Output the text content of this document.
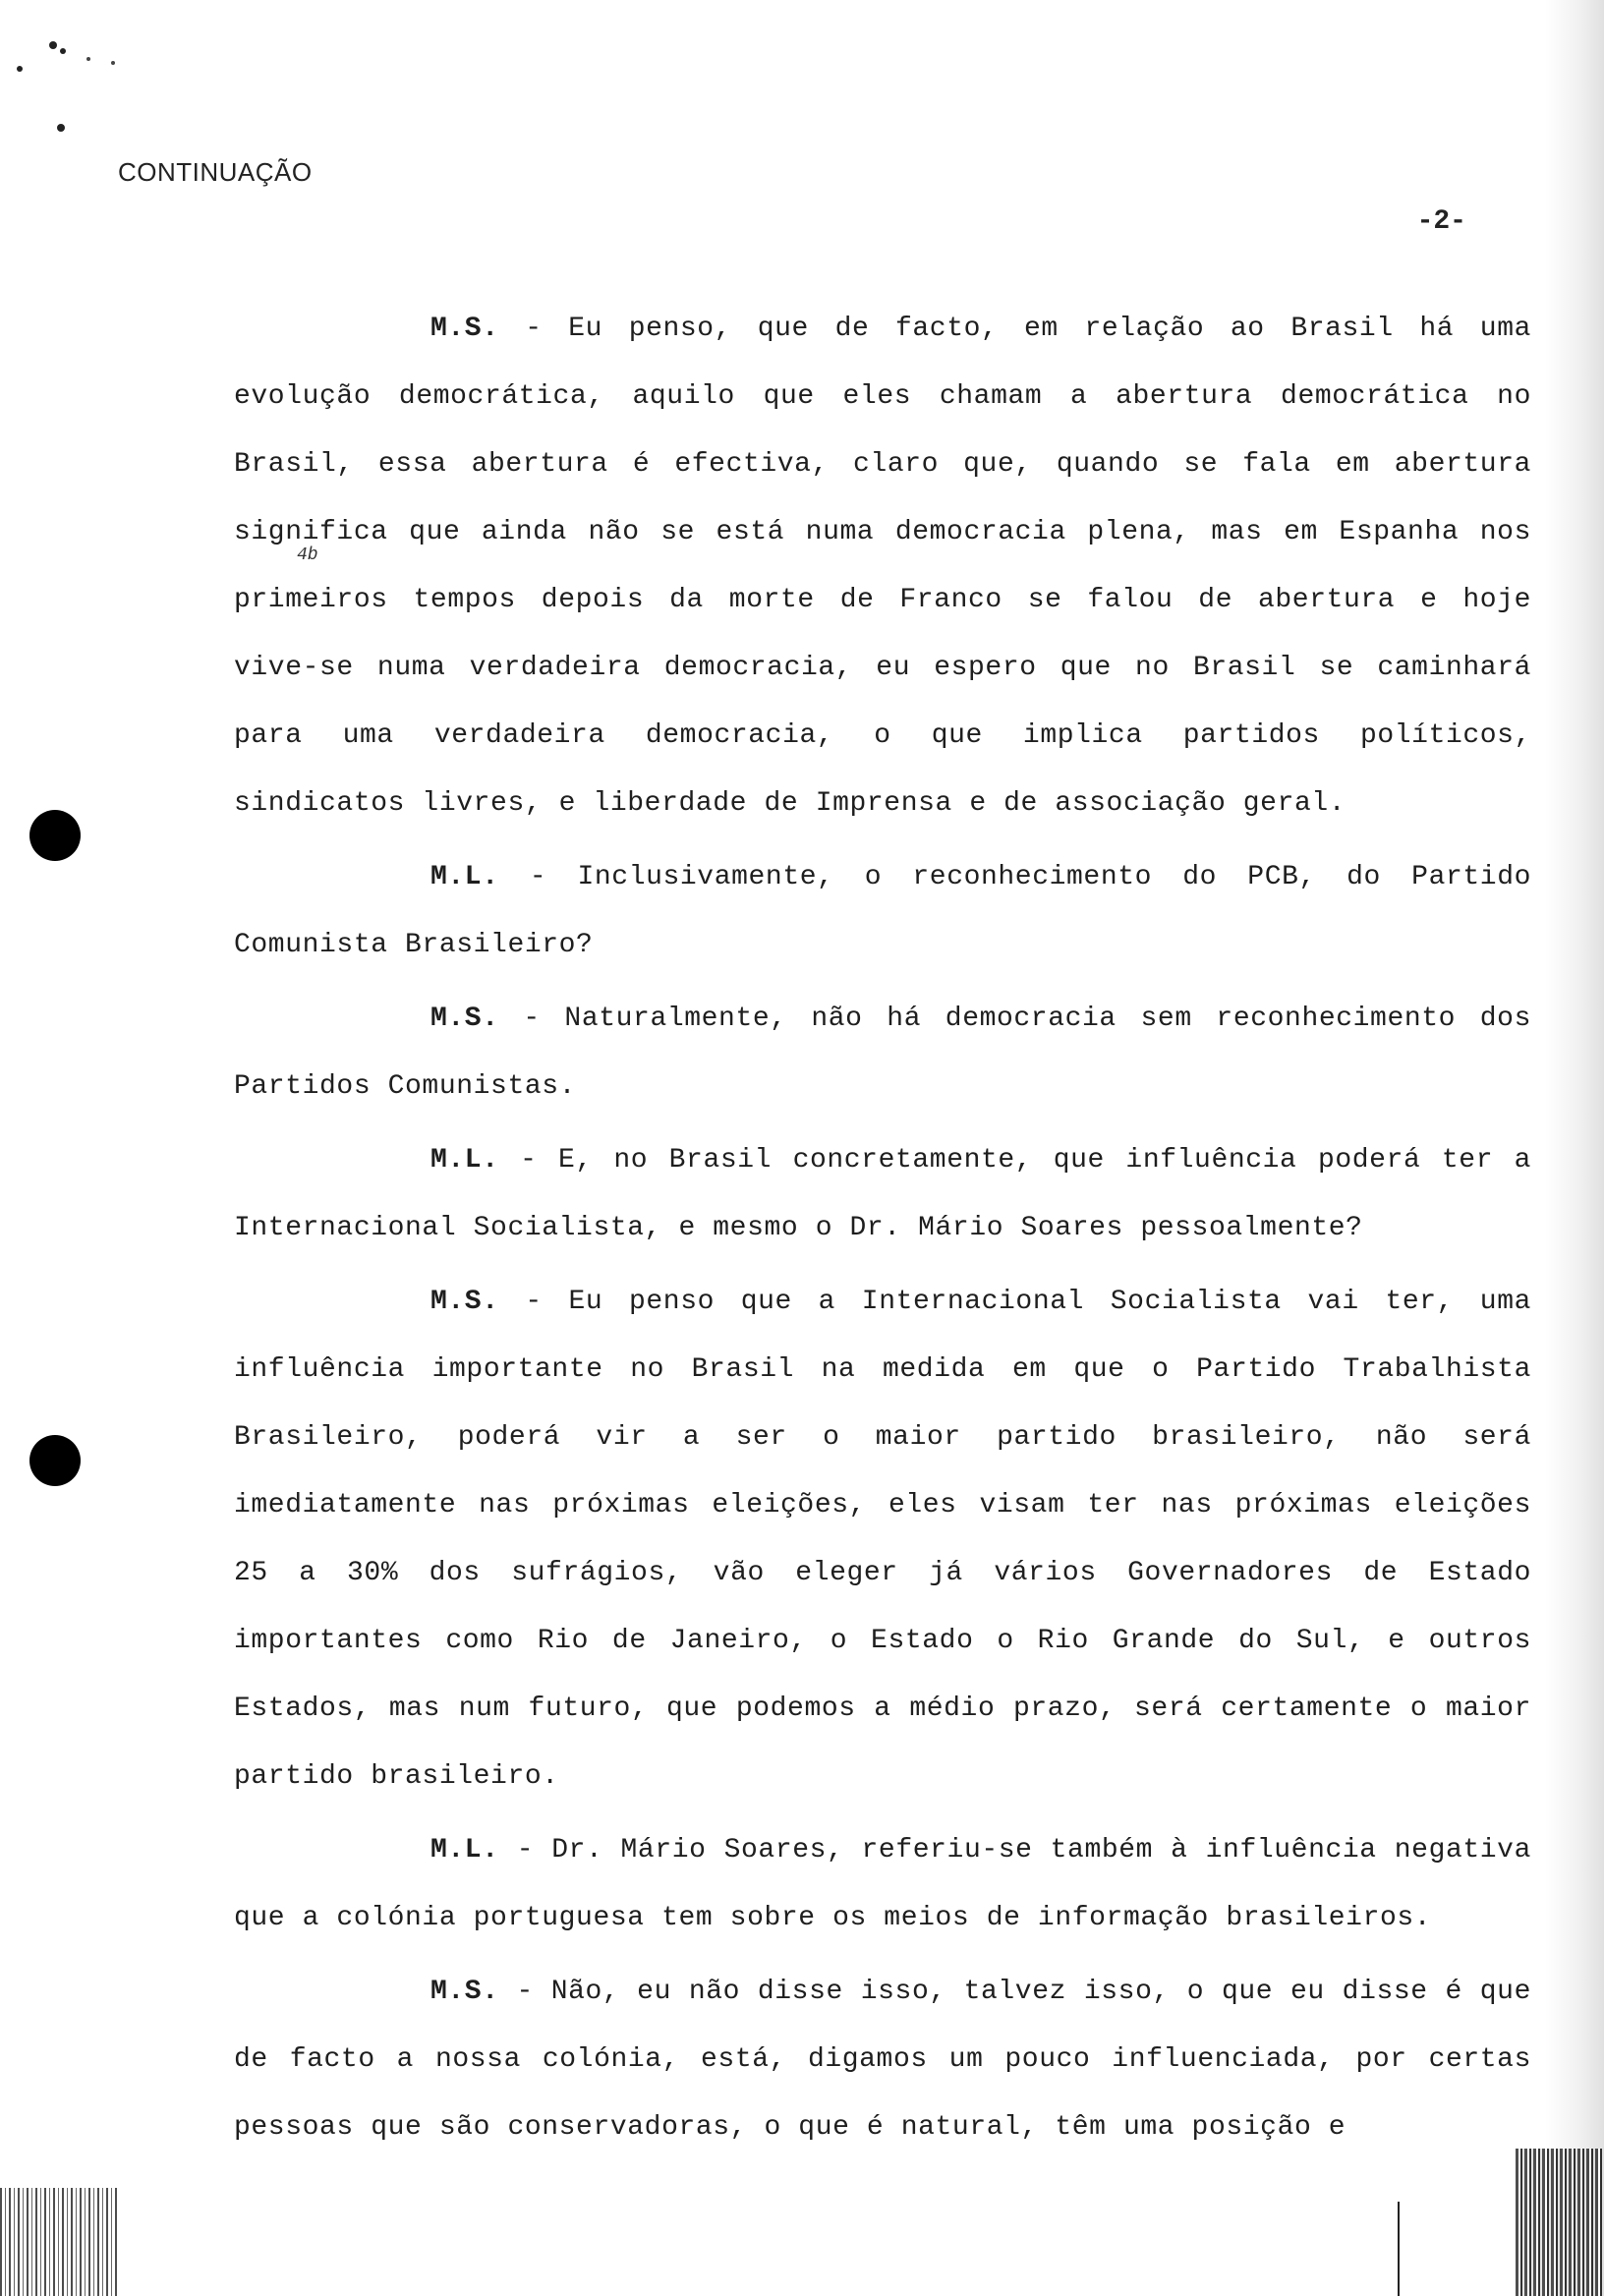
CONTINUAÇÃO
-2-
4b

M.S. - Eu penso, que de facto, em relação ao Brasil há uma evolução democrática, aquilo que eles chamam a abertura democrática no Brasil, essa abertura é efectiva, claro que, quando se fala em abertura significa que ainda não se está numa democracia plena, mas em Espanha nos primeiros tempos depois da morte de Franco se falou de abertura e hoje vive-se numa verdadeira democracia, eu espero que no Brasil se caminhará para uma verdadeira democracia, o que implica partidos políticos, sindicatos livres, e liberdade de Imprensa e de associação geral.

M.L. - Inclusivamente, o reconhecimento do PCB, do Partido Comunista Brasileiro?

M.S. - Naturalmente, não há democracia sem reconhecimento dos Partidos Comunistas.

M.L. - E, no Brasil concretamente, que influência poderá ter a Internacional Socialista, e mesmo o Dr. Mário Soares pessoalmente?

M.S. - Eu penso que a Internacional Socialista vai ter, uma influência importante no Brasil na medida em que o Partido Trabalhista Brasileiro, poderá vir a ser o maior partido brasileiro, não será imediatamente nas próximas eleições, eles visam ter nas próximas eleições 25 a 30% dos sufrágios, vão eleger já vários Governadores de Estado importantes como Rio de Janeiro, o Estado o Rio Grande do Sul, e outros Estados, mas num futuro, que podemos a médio prazo, será certamente o maior partido brasileiro.

M.L. - Dr. Mário Soares, referiu-se também à influência negativa que a colónia portuguesa tem sobre os meios de informação brasileiros.

M.S. - Não, eu não disse isso, talvez isso, o que eu disse é que de facto a nossa colónia, está, digamos um pouco influenciada, por certas pessoas que são conservadoras, o que é natural, têm uma posição e
